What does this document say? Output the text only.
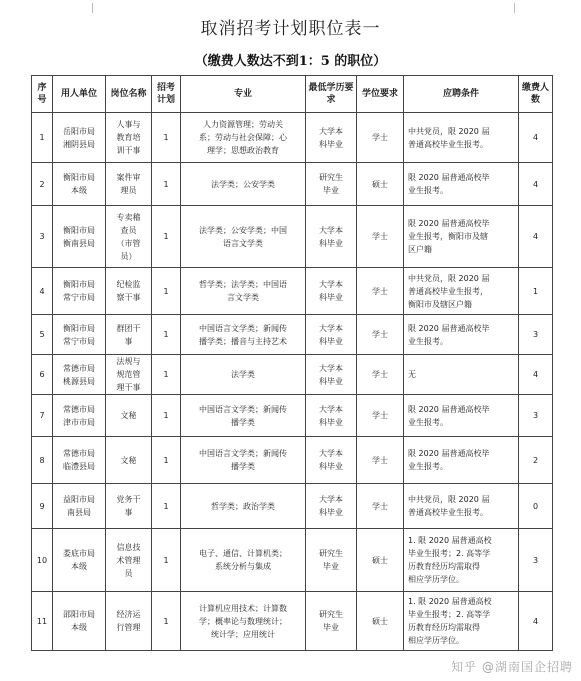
取消招考计划职位表一
（缴费人数达不到1：5 的职位）
序号	用人单位	岗位名称	招考计划	专业	最低学历要求	学位要求	应聘条件	缴费人数
1	岳阳市局
湘阴县局	人事与
教育培
训干事	1	人力资源管理；劳动关
系；劳动与社会保障；心
理学；思想政治教育	大学本
科毕业	学士	中共党员，限 2020 届
普通高校毕业生报考。	4
2	衡阳市局
本级	案件审
理员	1	法学类；公安学类	研究生
毕业	硕士	限 2020 届普通高校毕
业生报考。	4
3	衡阳市局
衡南县局	专卖稽
查员
（市管
员）	1	法学类；公安学类；中国
语言文学类	大学本
科毕业	学士	限 2020 届普通高校毕
业生报考，衡阳市及辖
区户籍	4
4	衡阳市局
常宁市局	纪检监
察干事	1	哲学类；法学类；中国语
言文学类	大学本
科毕业	学士	中共党员，限 2020 届
普通高校毕业生报考，
衡阳市及辖区户籍	1
5	衡阳市局
常宁市局	群团干
事	1	中国语言文学类；新闻传
播学类；播音与主持艺术	大学本
科毕业	学士	限 2020 届普通高校毕
业生报考。	3
6	常德市局
桃源县局	法规与
规范管
理干事	1	法学类	大学本
科毕业	学士	无	4
7	常德市局
津市市局	文秘	1	中国语言文学类；新闻传
播学类	大学本
科毕业	学士	限 2020 届普通高校毕
业生报考。	3
8	常德市局
临澧县局	文秘	1	中国语言文学类；新闻传
播学类	大学本
科毕业	学士	限 2020 届普通高校毕
业生报考。	2
9	益阳市局
南县局	党务干
事	1	哲学类；政治学类	大学本
科毕业	学士	中共党员，限 2020 届
普通高校毕业生报考。	0
10	娄底市局
本级	信息技
术管理
员	1	电子、通信、计算机类；
系统分析与集成	研究生
毕业	硕士	1. 限 2020 届普通高校
毕业生报考；2. 高等学
历教育经历均需取得
相应学历学位。	3
11	邵阳市局
本级	经济运
行管理	1	计算机应用技术；计算数
学；概率论与数理统计；
统计学；应用统计	研究生
毕业	硕士	1. 限 2020 届普通高校
毕业生报考；2. 高等学
历教育经历均需取得
相应学历学位。	4
知乎 @湖南国企招聘
